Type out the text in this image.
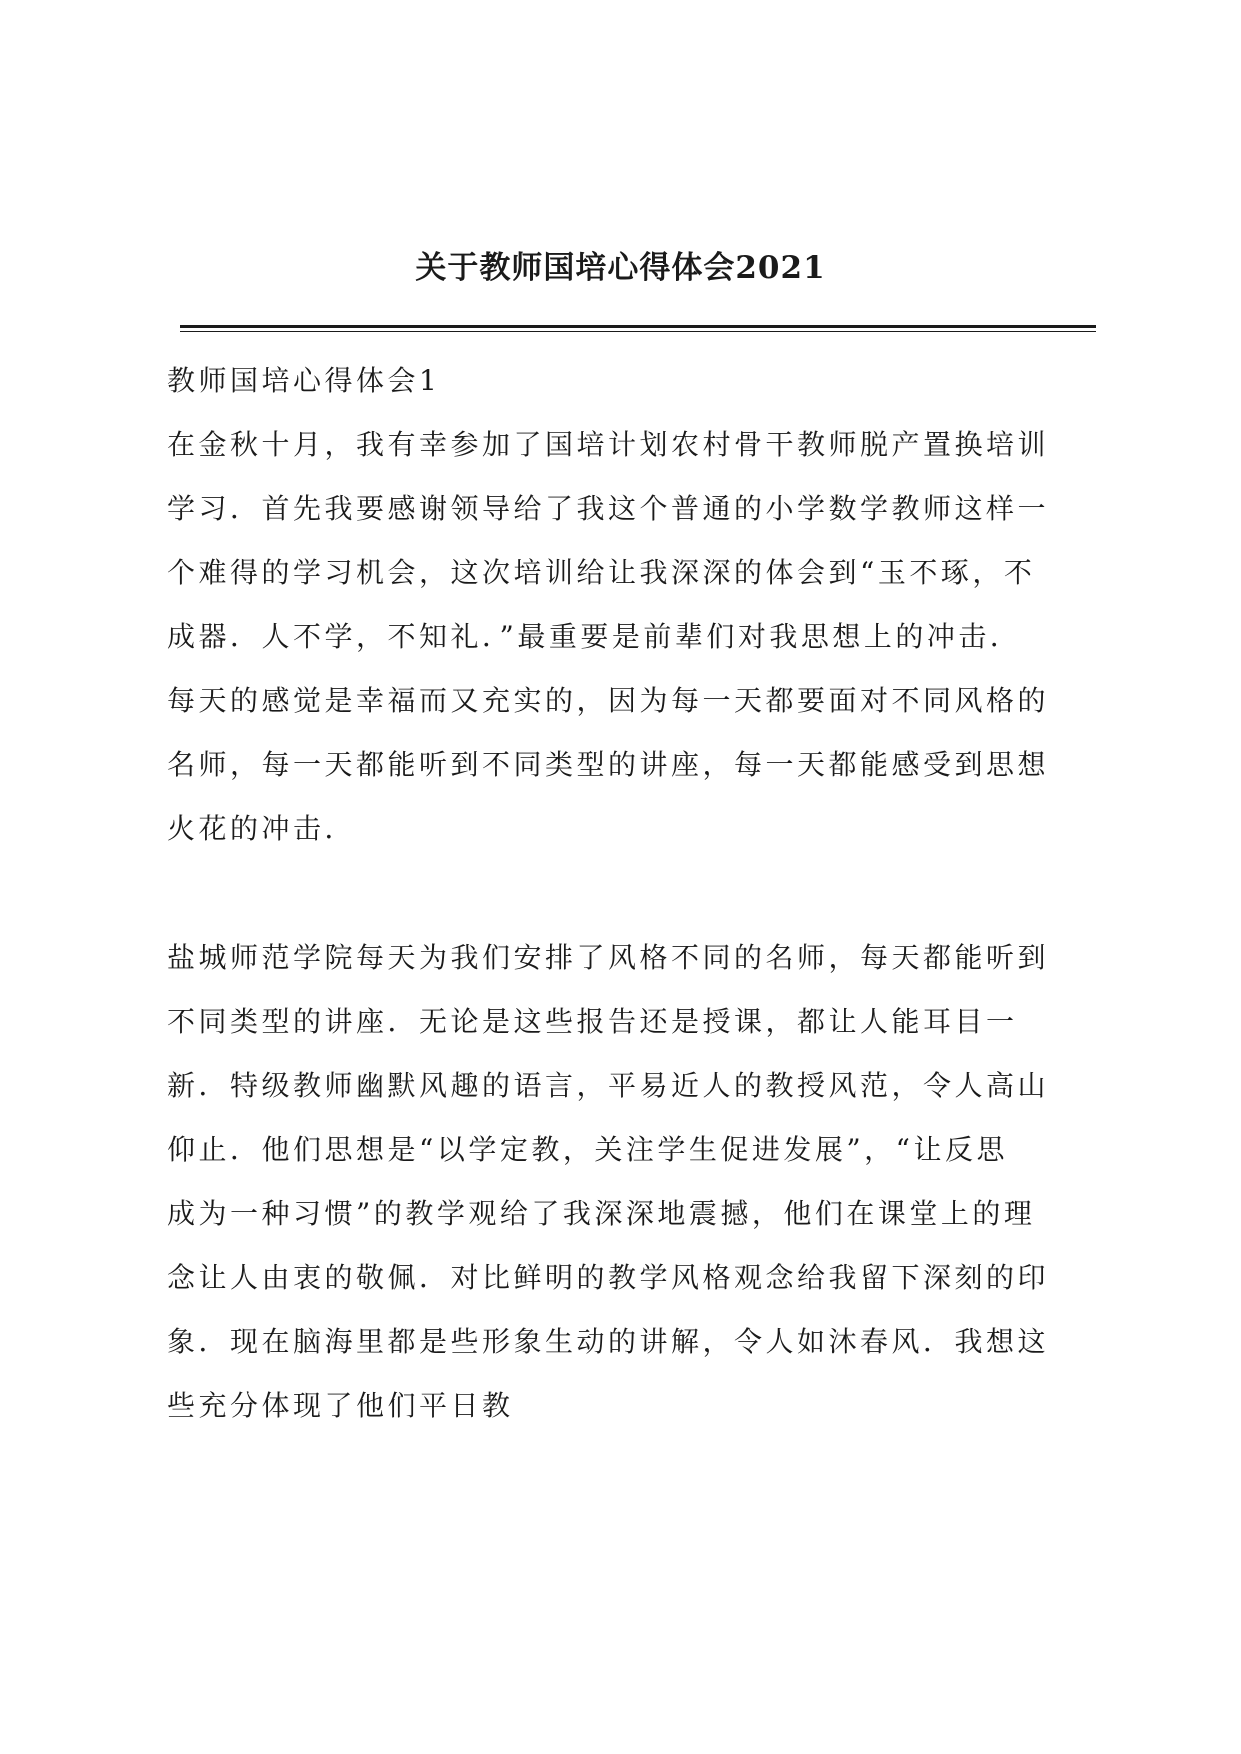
关于教师国培心得体会2021
教师国培心得体会1
在金秋十月，我有幸参加了国培计划农村骨干教师脱产置换培训
学习．首先我要感谢领导给了我这个普通的小学数学教师这样一
个难得的学习机会，这次培训给让我深深的体会到“玉不琢，不
成器．人不学，不知礼．”最重要是前辈们对我思想上的冲击．
每天的感觉是幸福而又充实的，因为每一天都要面对不同风格的
名师，每一天都能听到不同类型的讲座，每一天都能感受到思想
火花的冲击．
盐城师范学院每天为我们安排了风格不同的名师，每天都能听到
不同类型的讲座．无论是这些报告还是授课，都让人能耳目一
新．特级教师幽默风趣的语言，平易近人的教授风范，令人高山
仰止．他们思想是“以学定教，关注学生促进发展”，“让反思
成为一种习惯”的教学观给了我深深地震撼，他们在课堂上的理
念让人由衷的敬佩．对比鲜明的教学风格观念给我留下深刻的印
象．现在脑海里都是些形象生动的讲解，令人如沐春风．我想这
些充分体现了他们平日教
